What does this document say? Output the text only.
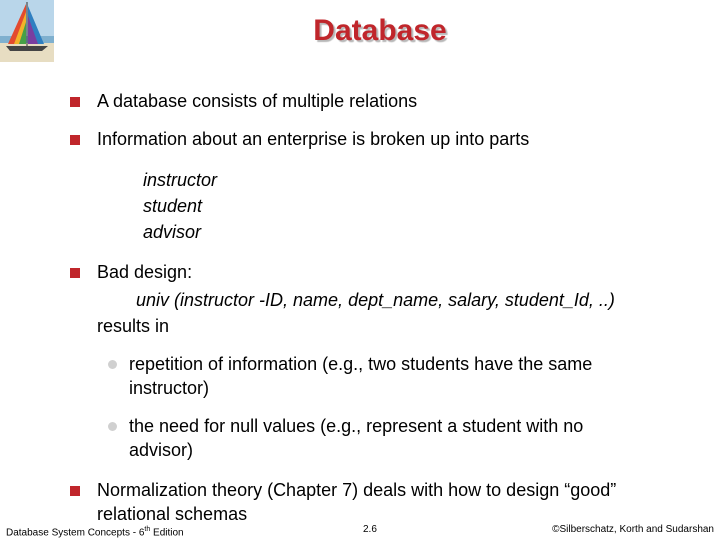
Database
A database consists of multiple relations
Information about an enterprise is broken up into parts
instructor
student
advisor
Bad design:
univ (instructor -ID, name, dept_name, salary, student_Id, ..)
results in
repetition of information (e.g., two students have the same
instructor)
the need for null values (e.g., represent a student with no
advisor)
Normalization theory (Chapter 7) deals with how to design “good”
relational schemas
Database System Concepts - 6th Edition	2.6	©Silberschatz, Korth and Sudarshan
